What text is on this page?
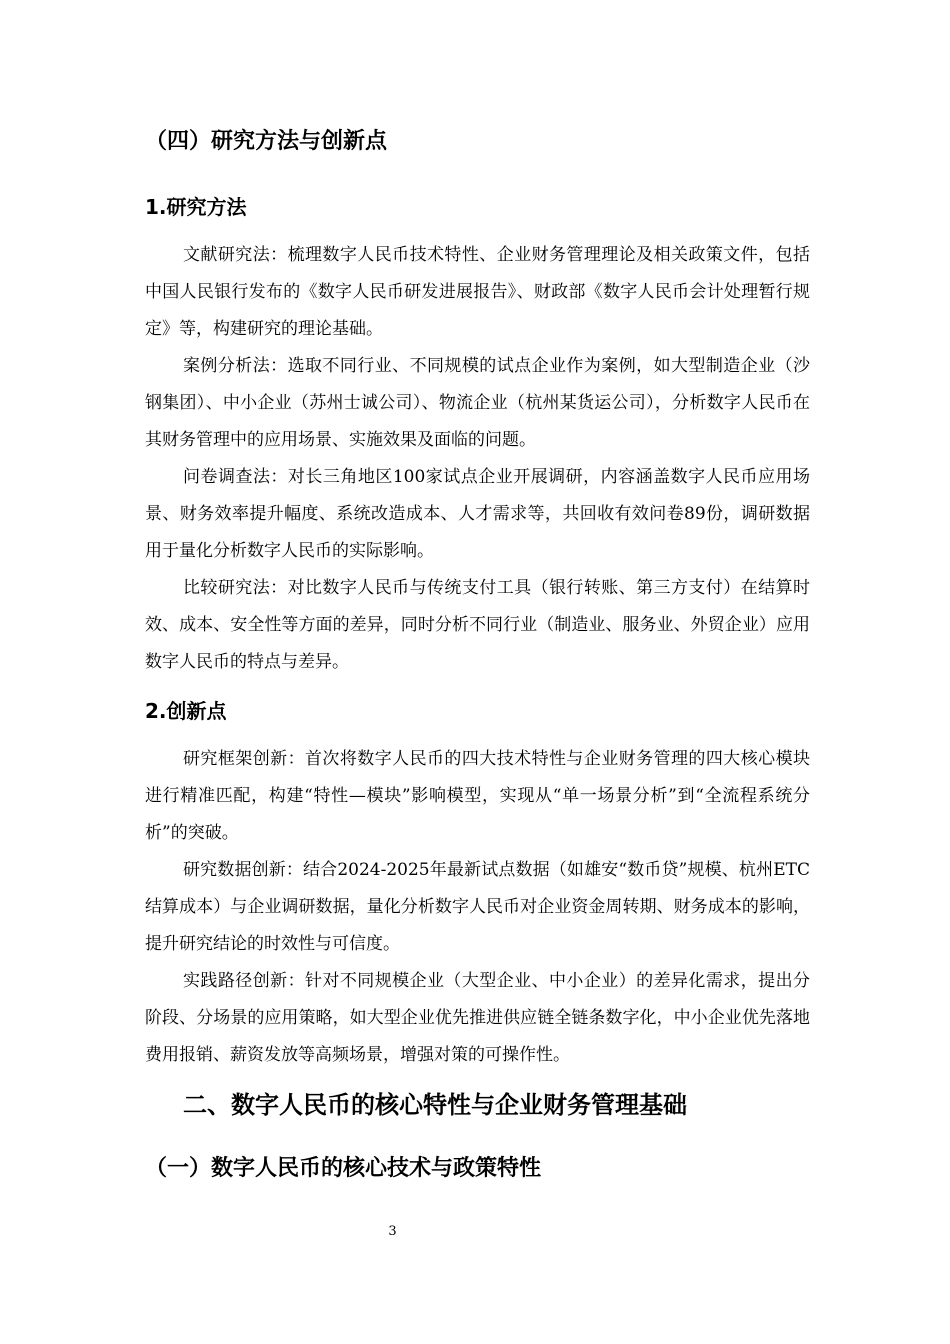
（四）研究方法与创新点
1.研究方法

文献研究法：梳理数字人民币技术特性、企业财务管理理论及相关政策文件，包括中国人民银行发布的《数字人民币研发进展报告》、财政部《数字人民币会计处理暂行规定》等，构建研究的理论基础。

案例分析法：选取不同行业、不同规模的试点企业作为案例，如大型制造企业（沙钢集团）、中小企业（苏州士诚公司）、物流企业（杭州某货运公司），分析数字人民币在其财务管理中的应用场景、实施效果及面临的问题。

问卷调查法：对长三角地区100家试点企业开展调研，内容涵盖数字人民币应用场景、财务效率提升幅度、系统改造成本、人才需求等，共回收有效问卷89份，调研数据用于量化分析数字人民币的实际影响。

比较研究法：对比数字人民币与传统支付工具（银行转账、第三方支付）在结算时效、成本、安全性等方面的差异，同时分析不同行业（制造业、服务业、外贸企业）应用数字人民币的特点与差异。

2.创新点

研究框架创新：首次将数字人民币的四大技术特性与企业财务管理的四大核心模块进行精准匹配，构建“特性—模块”影响模型，实现从“单一场景分析”到“全流程系统分析”的突破。

研究数据创新：结合2024-2025年最新试点数据（如雄安“数币贷”规模、杭州ETC结算成本）与企业调研数据，量化分析数字人民币对企业资金周转期、财务成本的影响，提升研究结论的时效性与可信度。

实践路径创新：针对不同规模企业（大型企业、中小企业）的差异化需求，提出分阶段、分场景的应用策略，如大型企业优先推进供应链全链条数字化，中小企业优先落地费用报销、薪资发放等高频场景，增强对策的可操作性。

二、数字人民币的核心特性与企业财务管理基础
（一）数字人民币的核心技术与政策特性
3
